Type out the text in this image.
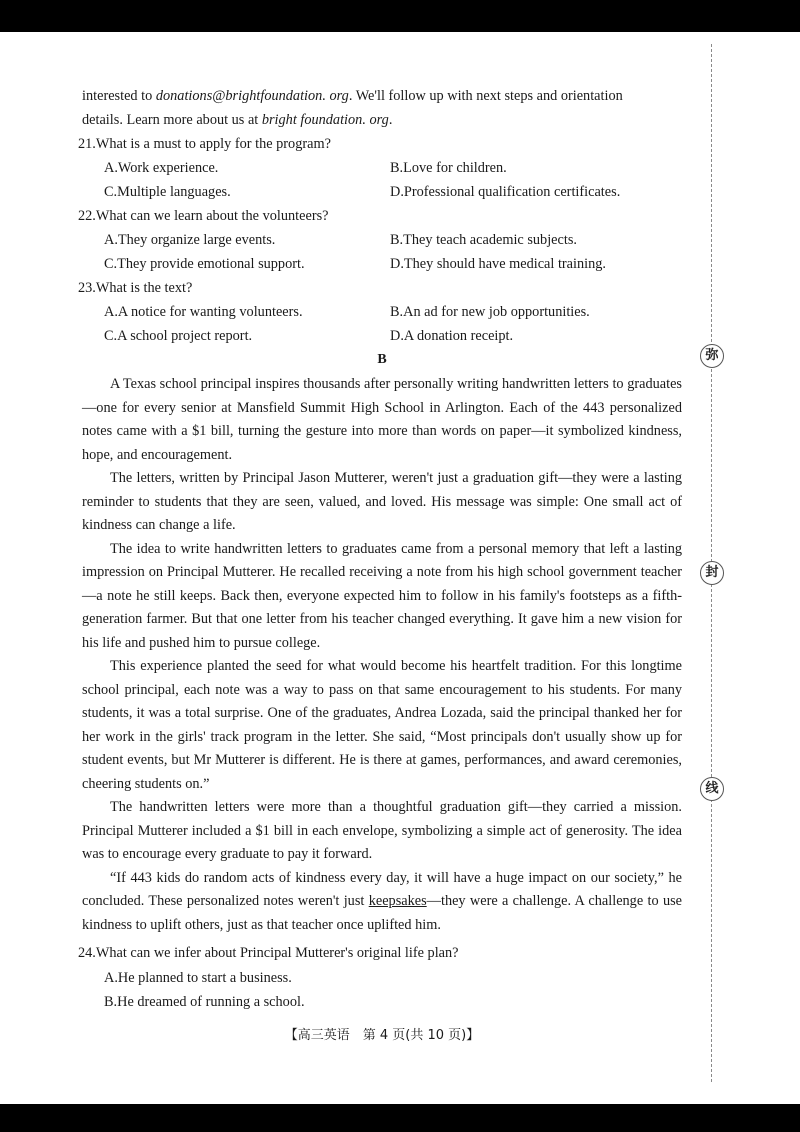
弥
封
线
interested to donations@brightfoundation. org. We'll follow up with next steps and orientation
details. Learn more about us at bright foundation. org.
21.What is a must to apply for the program?
A.Work experience.	B.Love for children.
C.Multiple languages.	D.Professional qualification certificates.
22.What can we learn about the volunteers?
A.They organize large events.	B.They teach academic subjects.
C.They provide emotional support.	D.They should have medical training.
23.What is the text?
A.A notice for wanting volunteers.	B.An ad for new job opportunities.
C.A school project report.	D.A donation receipt.
B
A Texas school principal inspires thousands after personally writing handwritten letters to graduates—one for every senior at Mansfield Summit High School in Arlington. Each of the 443 personalized notes came with a $1 bill, turning the gesture into more than words on paper—it symbolized kindness, hope, and encouragement.
The letters, written by Principal Jason Mutterer, weren't just a graduation gift—they were a lasting reminder to students that they are seen, valued, and loved. His message was simple: One small act of kindness can change a life.
The idea to write handwritten letters to graduates came from a personal memory that left a lasting impression on Principal Mutterer. He recalled receiving a note from his high school government teacher—a note he still keeps. Back then, everyone expected him to follow in his family's footsteps as a fifth-generation farmer. But that one letter from his teacher changed everything. It gave him a new vision for his life and pushed him to pursue college.
This experience planted the seed for what would become his heartfelt tradition. For this longtime school principal, each note was a way to pass on that same encouragement to his students. For many students, it was a total surprise. One of the graduates, Andrea Lozada, said the principal thanked her for her work in the girls' track program in the letter. She said, “Most principals don't usually show up for student events, but Mr Mutterer is different. He is there at games, performances, and award ceremonies, cheering students on.”
The handwritten letters were more than a thoughtful graduation gift—they carried a mission. Principal Mutterer included a $1 bill in each envelope, symbolizing a simple act of generosity. The idea was to encourage every graduate to pay it forward.
“If 443 kids do random acts of kindness every day, it will have a huge impact on our society,” he concluded. These personalized notes weren't just keepsakes—they were a challenge. A challenge to use kindness to uplift others, just as that teacher once uplifted him.
24.What can we infer about Principal Mutterer's original life plan?
A.He planned to start a business.
B.He dreamed of running a school.
【高三英语　第 4 页(共 10 页)】
